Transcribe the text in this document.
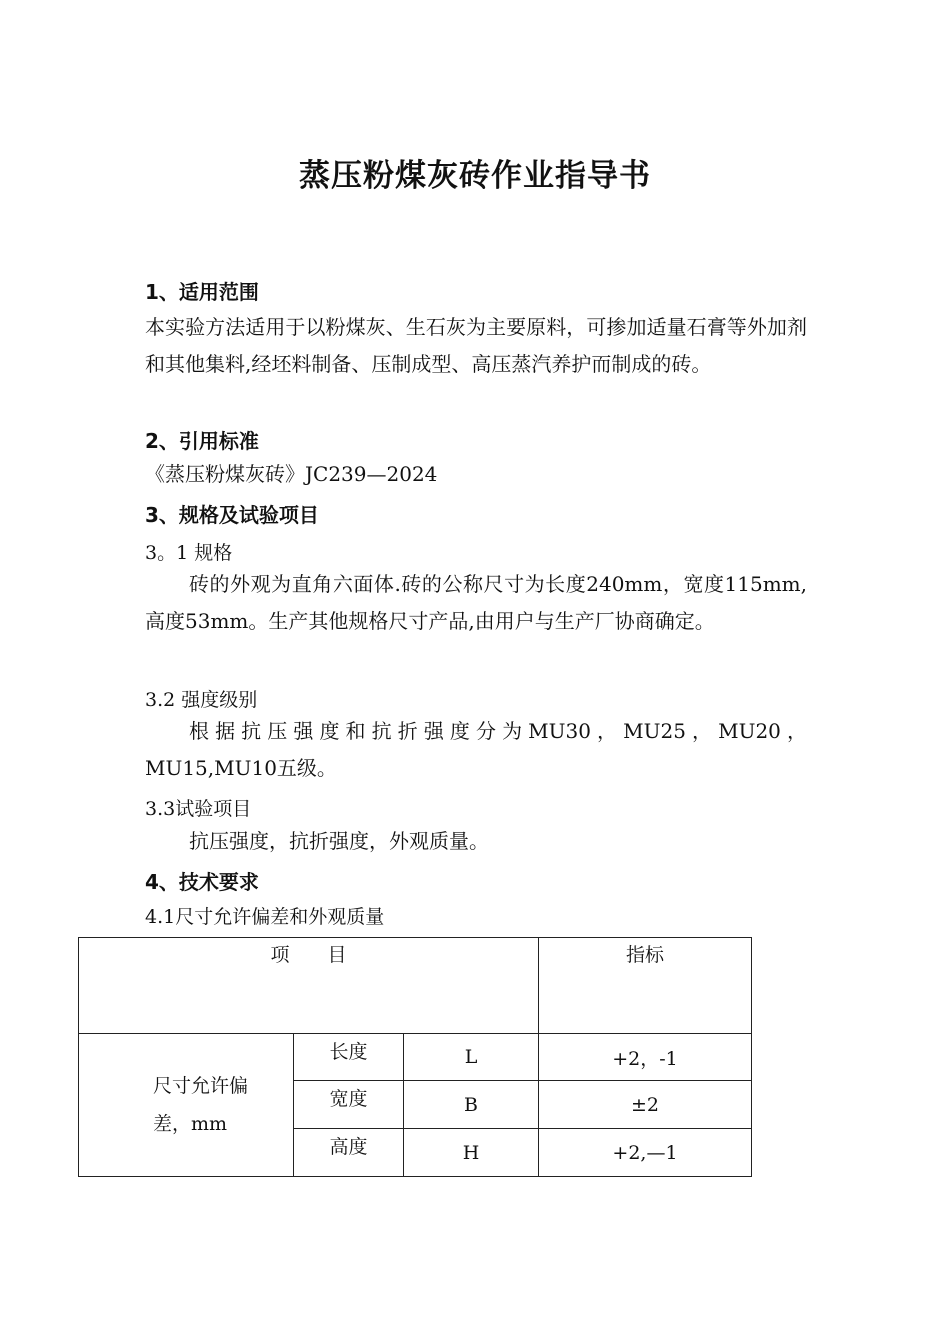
蒸压粉煤灰砖作业指导书
1、适用范围

本实验方法适用于以粉煤灰、生石灰为主要原料，可掺加适量石膏等外加剂和其他集料,经坯料制备、压制成型、高压蒸汽养护而制成的砖。

2、引用标准

《蒸压粉煤灰砖》JC239—2024

3、规格及试验项目

3。1 规格

砖的外观为直角六面体.砖的公称尺寸为长度240mm，宽度115mm,高度53mm。生产其他规格尺寸产品,由用户与生产厂协商确定。

3.2 强度级别

根据抗压强度和抗折强度分为MU30，MU25，MU20，MU15,MU10五级。

3.3试验项目

抗压强度，抗折强度，外观质量。

4、技术要求

4.1尺寸允许偏差和外观质量

项　　目			指标

尺寸允许偏差，mm	长度	L	+2，-1

	宽度	B	±2

	高度	H	+2,—1
